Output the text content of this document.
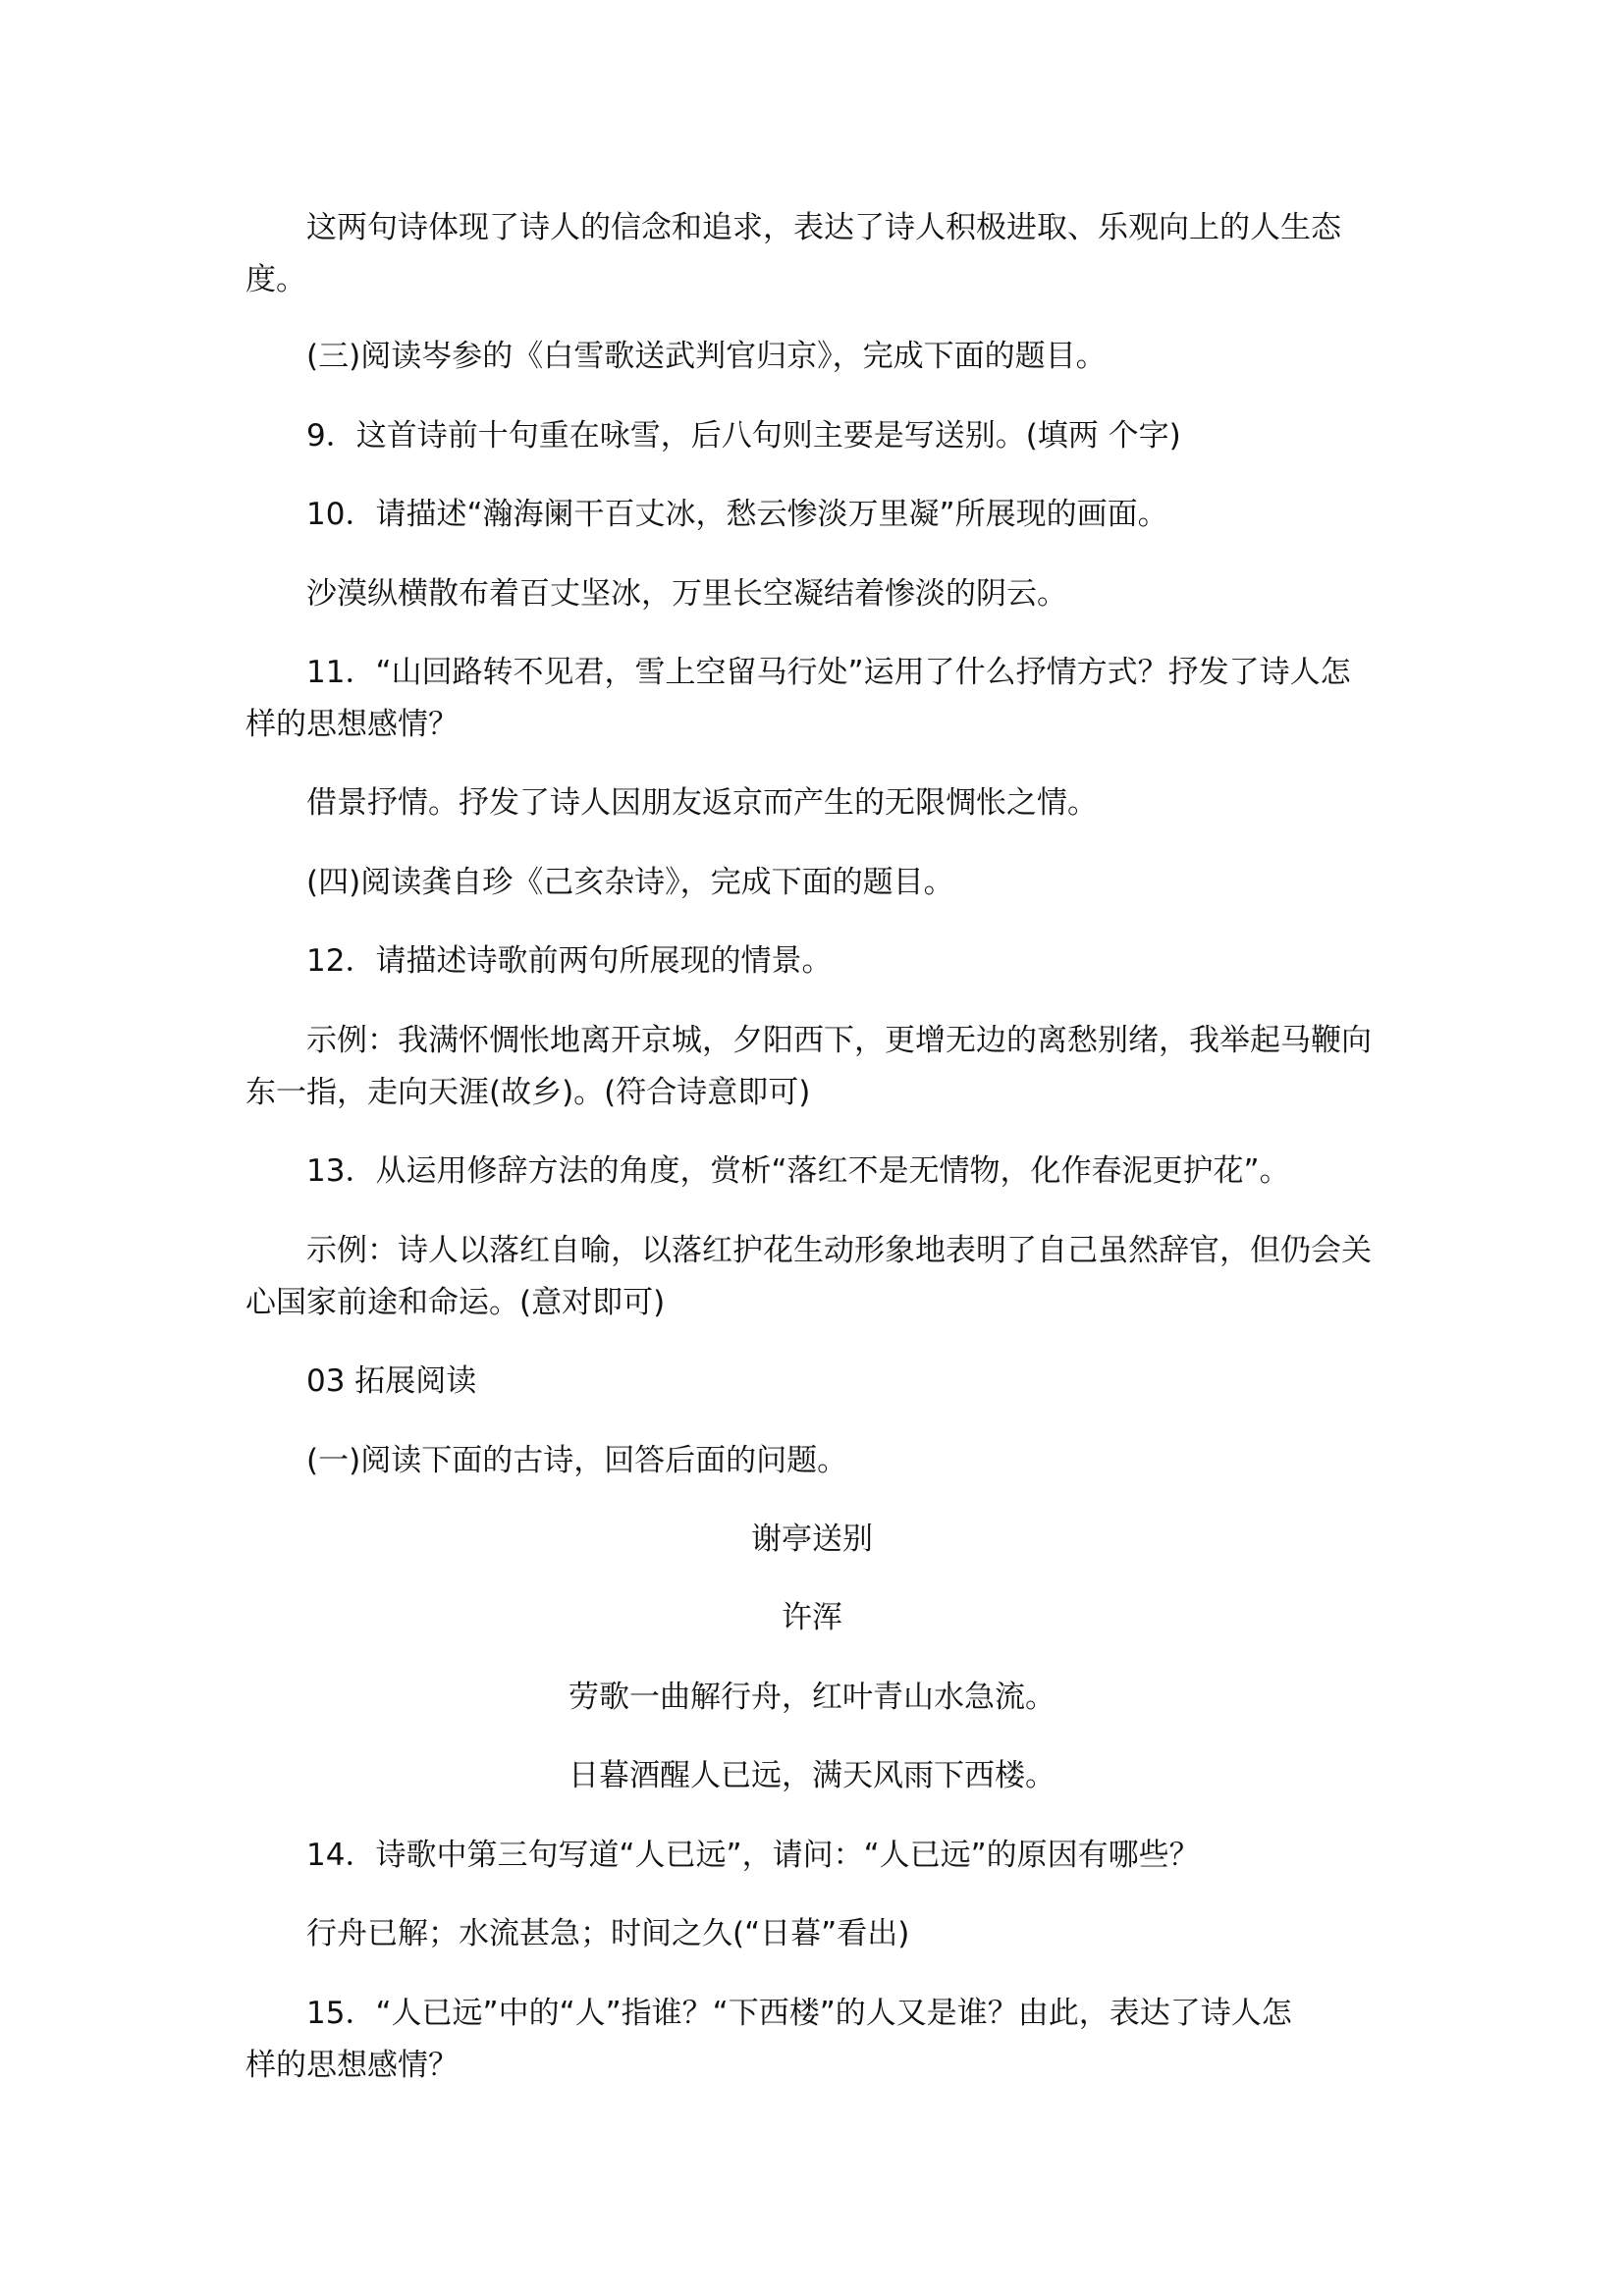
这两句诗体现了诗人的信念和追求，表达了诗人积极进取、乐观向上的人生态
度。
(三)阅读岑参的《白雪歌送武判官归京》，完成下面的题目。
9．这首诗前十句重在咏雪，后八句则主要是写送别。(填两 个字)
10．请描述“瀚海阑干百丈冰，愁云惨淡万里凝”所展现的画面。
沙漠纵横散布着百丈坚冰，万里长空凝结着惨淡的阴云。
11．“山回路转不见君，雪上空留马行处”运用了什么抒情方式？抒发了诗人怎
样的思想感情？
借景抒情。抒发了诗人因朋友返京而产生的无限惆怅之情。
(四)阅读龚自珍《己亥杂诗》，完成下面的题目。
12．请描述诗歌前两句所展现的情景。
示例：我满怀惆怅地离开京城，夕阳西下，更增无边的离愁别绪，我举起马鞭向
东一指，走向天涯(故乡)。(符合诗意即可)
13．从运用修辞方法的角度，赏析“落红不是无情物，化作春泥更护花”。
示例：诗人以落红自喻，以落红护花生动形象地表明了自己虽然辞官，但仍会关
心国家前途和命运。(意对即可)
03 拓展阅读
(一)阅读下面的古诗，回答后面的问题。
谢亭送别
许浑
劳歌一曲解行舟，红叶青山水急流。
日暮酒醒人已远，满天风雨下西楼。
14．诗歌中第三句写道“人已远”，请问：“人已远”的原因有哪些？
行舟已解；水流甚急；时间之久(“日暮”看出)
15．“人已远”中的“人”指谁？“下西楼”的人又是谁？由此，表达了诗人怎
样的思想感情？
